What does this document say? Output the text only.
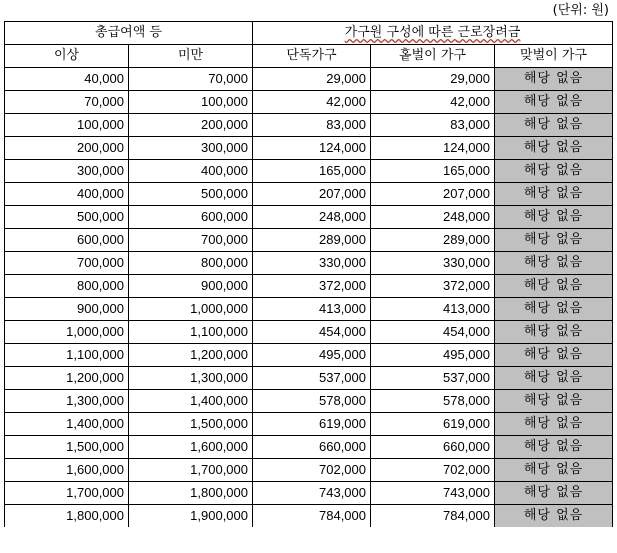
(단위: 원)
총급여액 등		가구원 구성에 따른 근로장려금		
이상	미만	단독가구	홑벌이 가구	맞벌이 가구
40,000	70,000	29,000	29,000	해당 없음
70,000	100,000	42,000	42,000	해당 없음
100,000	200,000	83,000	83,000	해당 없음
200,000	300,000	124,000	124,000	해당 없음
300,000	400,000	165,000	165,000	해당 없음
400,000	500,000	207,000	207,000	해당 없음
500,000	600,000	248,000	248,000	해당 없음
600,000	700,000	289,000	289,000	해당 없음
700,000	800,000	330,000	330,000	해당 없음
800,000	900,000	372,000	372,000	해당 없음
900,000	1,000,000	413,000	413,000	해당 없음
1,000,000	1,100,000	454,000	454,000	해당 없음
1,100,000	1,200,000	495,000	495,000	해당 없음
1,200,000	1,300,000	537,000	537,000	해당 없음
1,300,000	1,400,000	578,000	578,000	해당 없음
1,400,000	1,500,000	619,000	619,000	해당 없음
1,500,000	1,600,000	660,000	660,000	해당 없음
1,600,000	1,700,000	702,000	702,000	해당 없음
1,700,000	1,800,000	743,000	743,000	해당 없음
1,800,000	1,900,000	784,000	784,000	해당 없음
